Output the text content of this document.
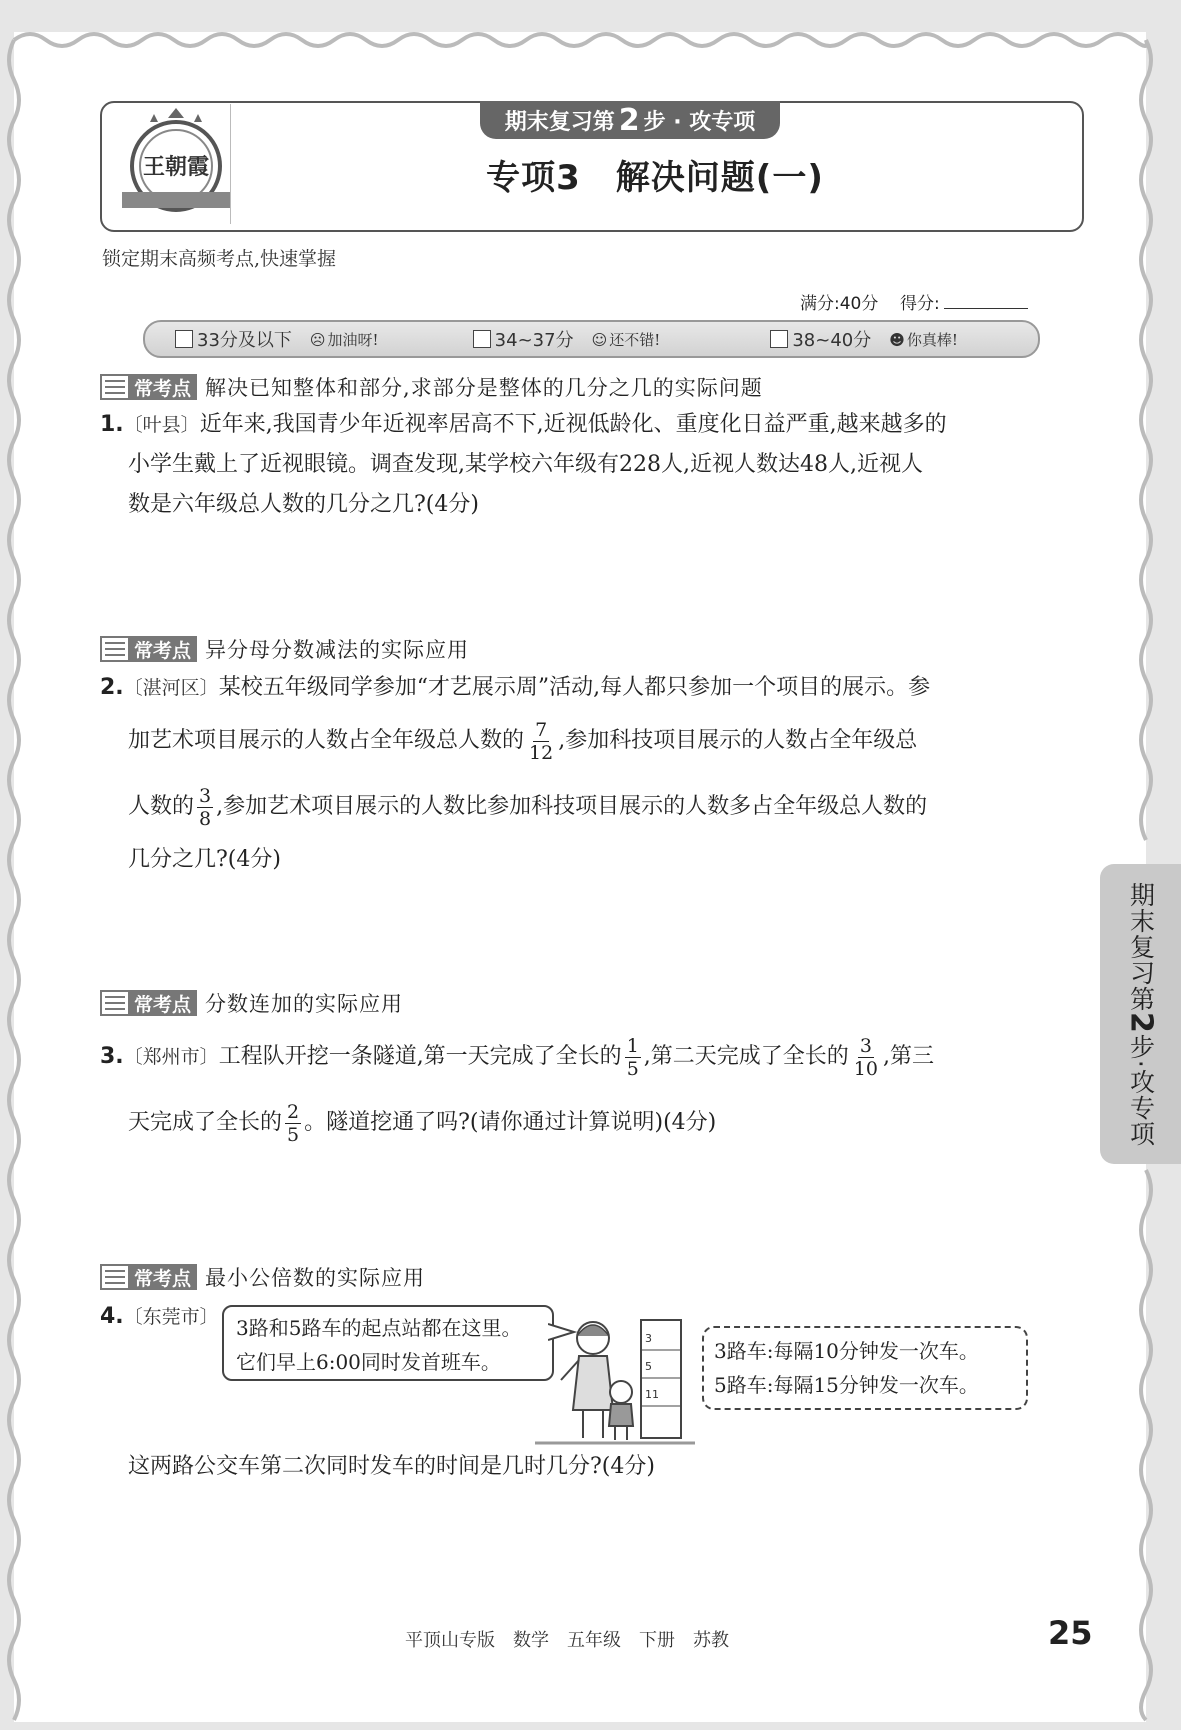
王朝霞
期末复习第 2 步 · 攻专项
专项3　解决问题(一)
锁定期末高频考点,快速掌握
满分:40分 得分:
33分及以下 ☹ 加油呀!	34~37分 ☺ 还不错!	38~40分 ☻ 你真棒!
常考点 解决已知整体和部分,求部分是整体的几分之几的实际问题
1.〔叶县〕近年来,我国青少年近视率居高不下,近视低龄化、重度化日益严重,越来越多的
小学生戴上了近视眼镜。调查发现,某学校六年级有228人,近视人数达48人,近视人
数是六年级总人数的几分之几?(4分)
常考点 异分母分数减法的实际应用
2.〔湛河区〕某校五年级同学参加“才艺展示周”活动,每人都只参加一个项目的展示。参
加艺术项目展示的人数占全年级总人数的 $\frac{7}{12}$ ,参加科技项目展示的人数占全年级总
人数的 $\frac{3}{8}$ ,参加艺术项目展示的人数比参加科技项目展示的人数多占全年级总人数的
几分之几?(4分)
常考点 分数连加的实际应用
3.〔郑州市〕工程队开挖一条隧道,第一天完成了全长的 $\frac{1}{5}$ ,第二天完成了全长的 $\frac{3}{10}$ ,第三
天完成了全长的 $\frac{2}{5}$ 。隧道挖通了吗?(请你通过计算说明)(4分)
常考点 最小公倍数的实际应用
4.〔东莞市〕 3路和5路车的起点站都在这里。
它们早上6:00同时发首班车。
3
5
11
3路车:每隔10分钟发一次车。
5路车:每隔15分钟发一次车。
这两路公交车第二次同时发车的时间是几时几分?(4分)
期末复习第2步·攻专项
平顶山专版　数学　五年级　下册　苏教	25
